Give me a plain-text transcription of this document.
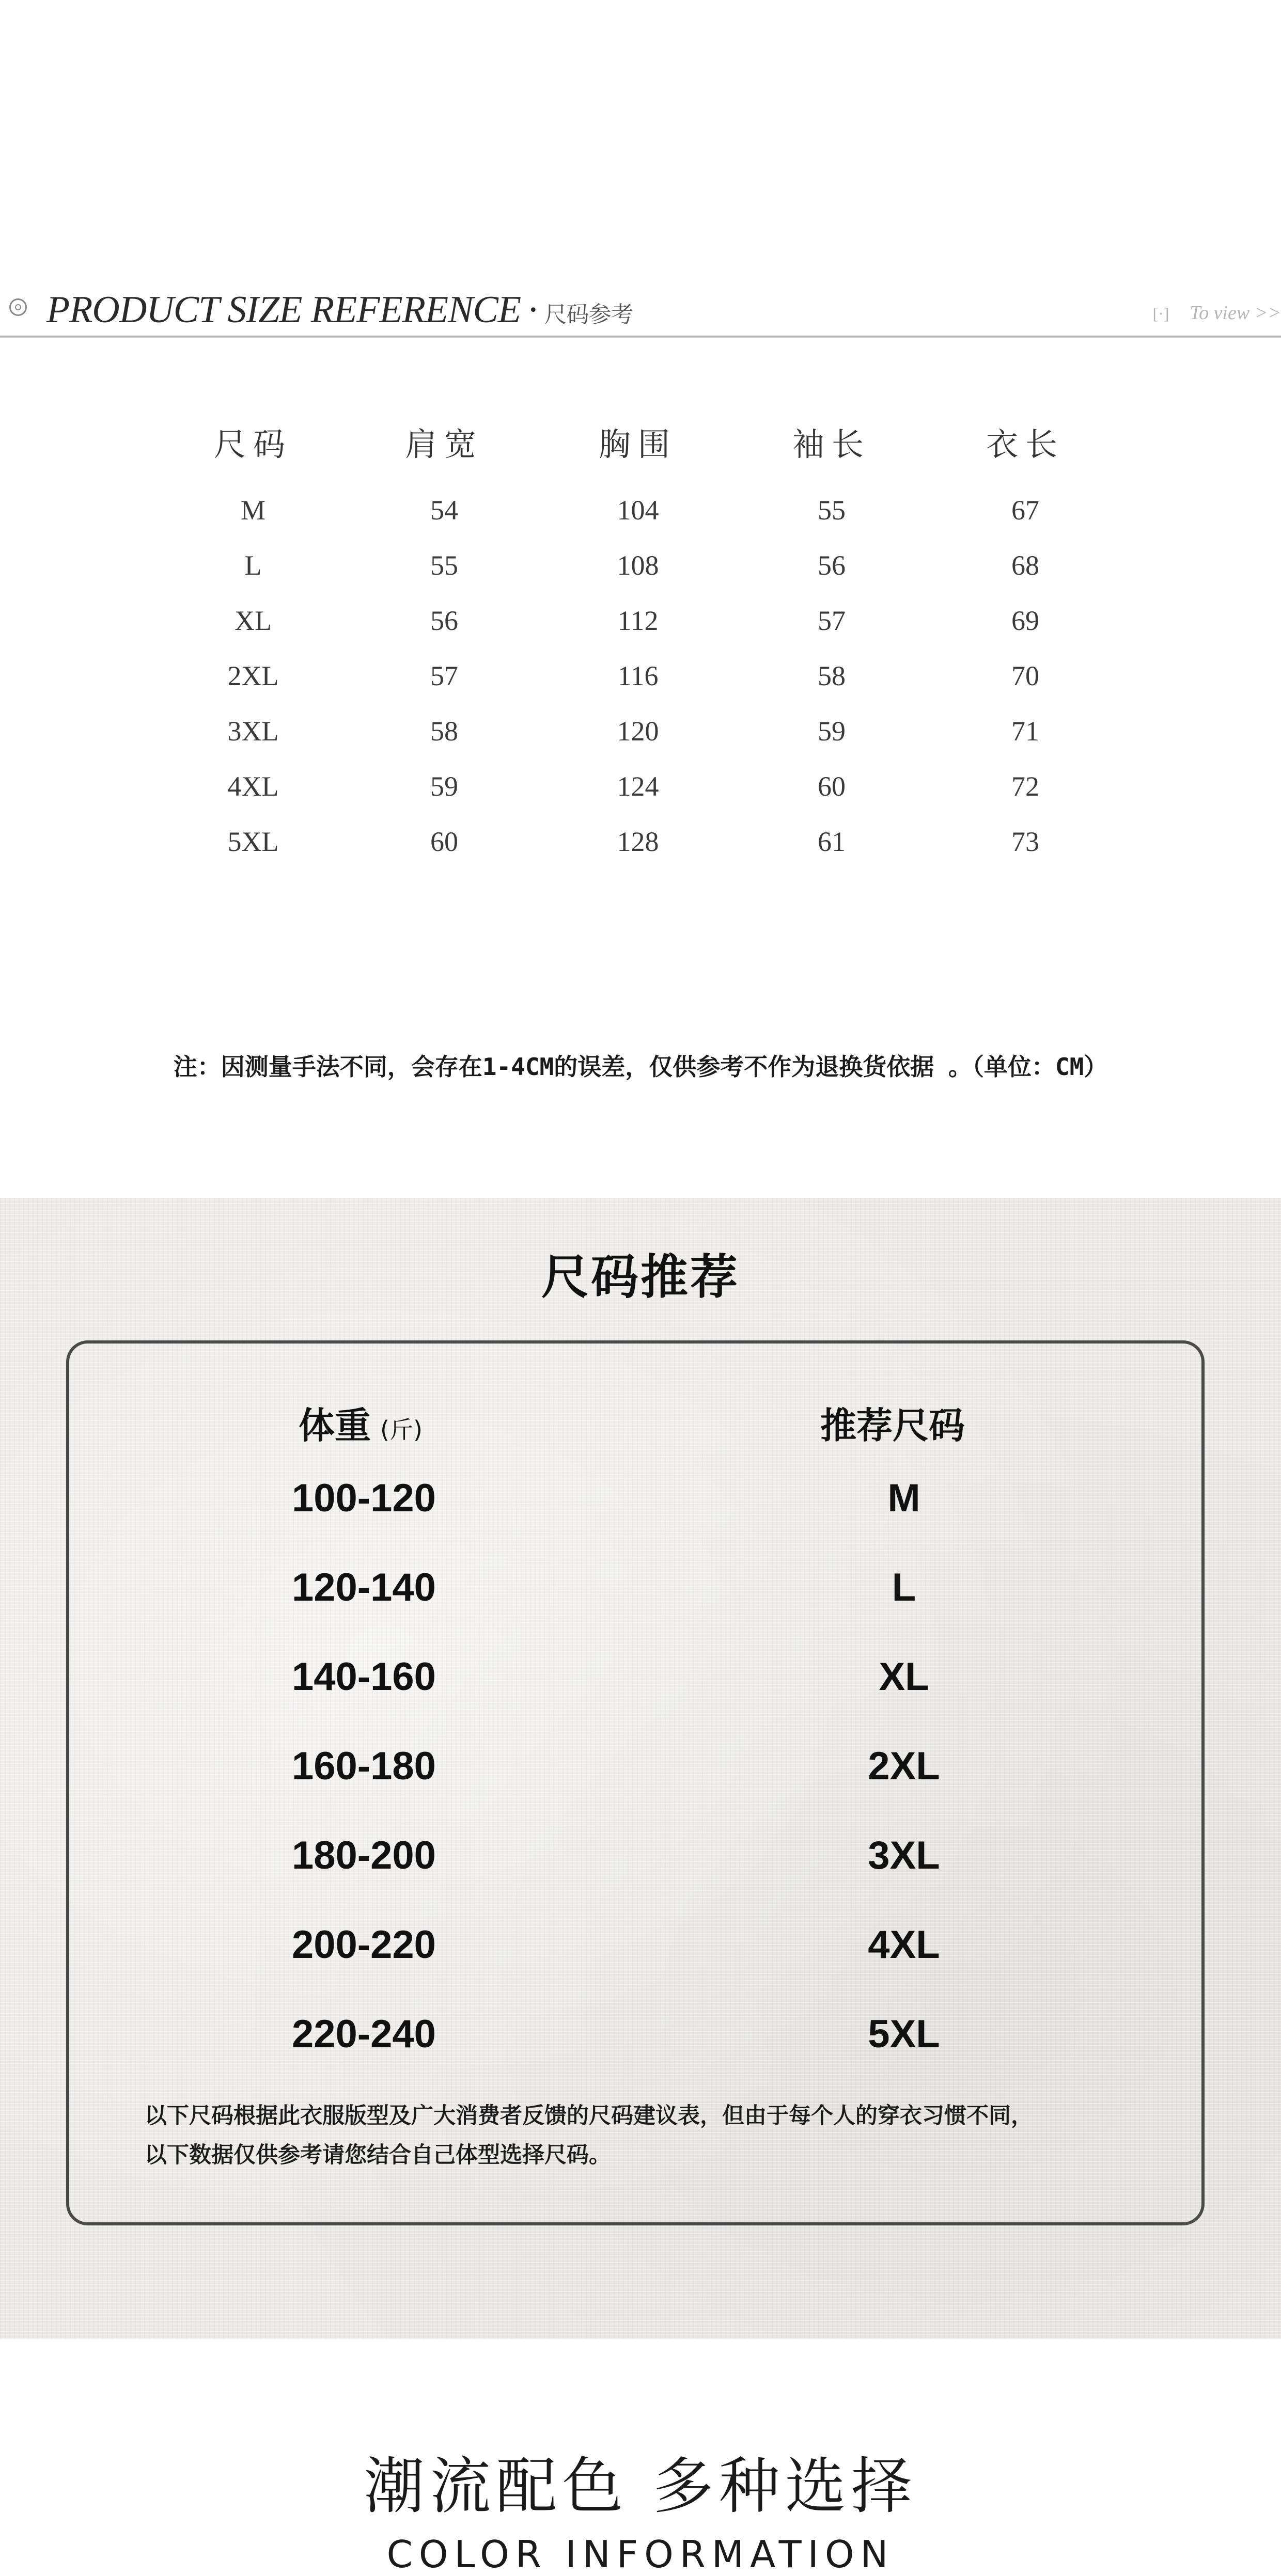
PRODUCT SIZE REFERENCE · 尺码参考	[·] To view >>
尺码	肩宽	胸围	袖长	衣长
M	54	104	55	67
L	55	108	56	68
XL	56	112	57	69
2XL	57	116	58	70
3XL	58	120	59	71
4XL	59	124	60	72
5XL	60	128	61	73
注：因测量手法不同，会存在1-4CM的误差，仅供参考不作为退换货依据 。（单位：CM）
尺码推荐
体重 (斤)	推荐尺码
100-120	M
120-140	L
140-160	XL
160-180	2XL
180-200	3XL
200-220	4XL
220-240	5XL
以下尺码根据此衣服版型及广大消费者反馈的尺码建议表，但由于每个人的穿衣习惯不同，
以下数据仅供参考请您结合自己体型选择尺码。
潮流配色 多种选择
COLOR INFORMATION
